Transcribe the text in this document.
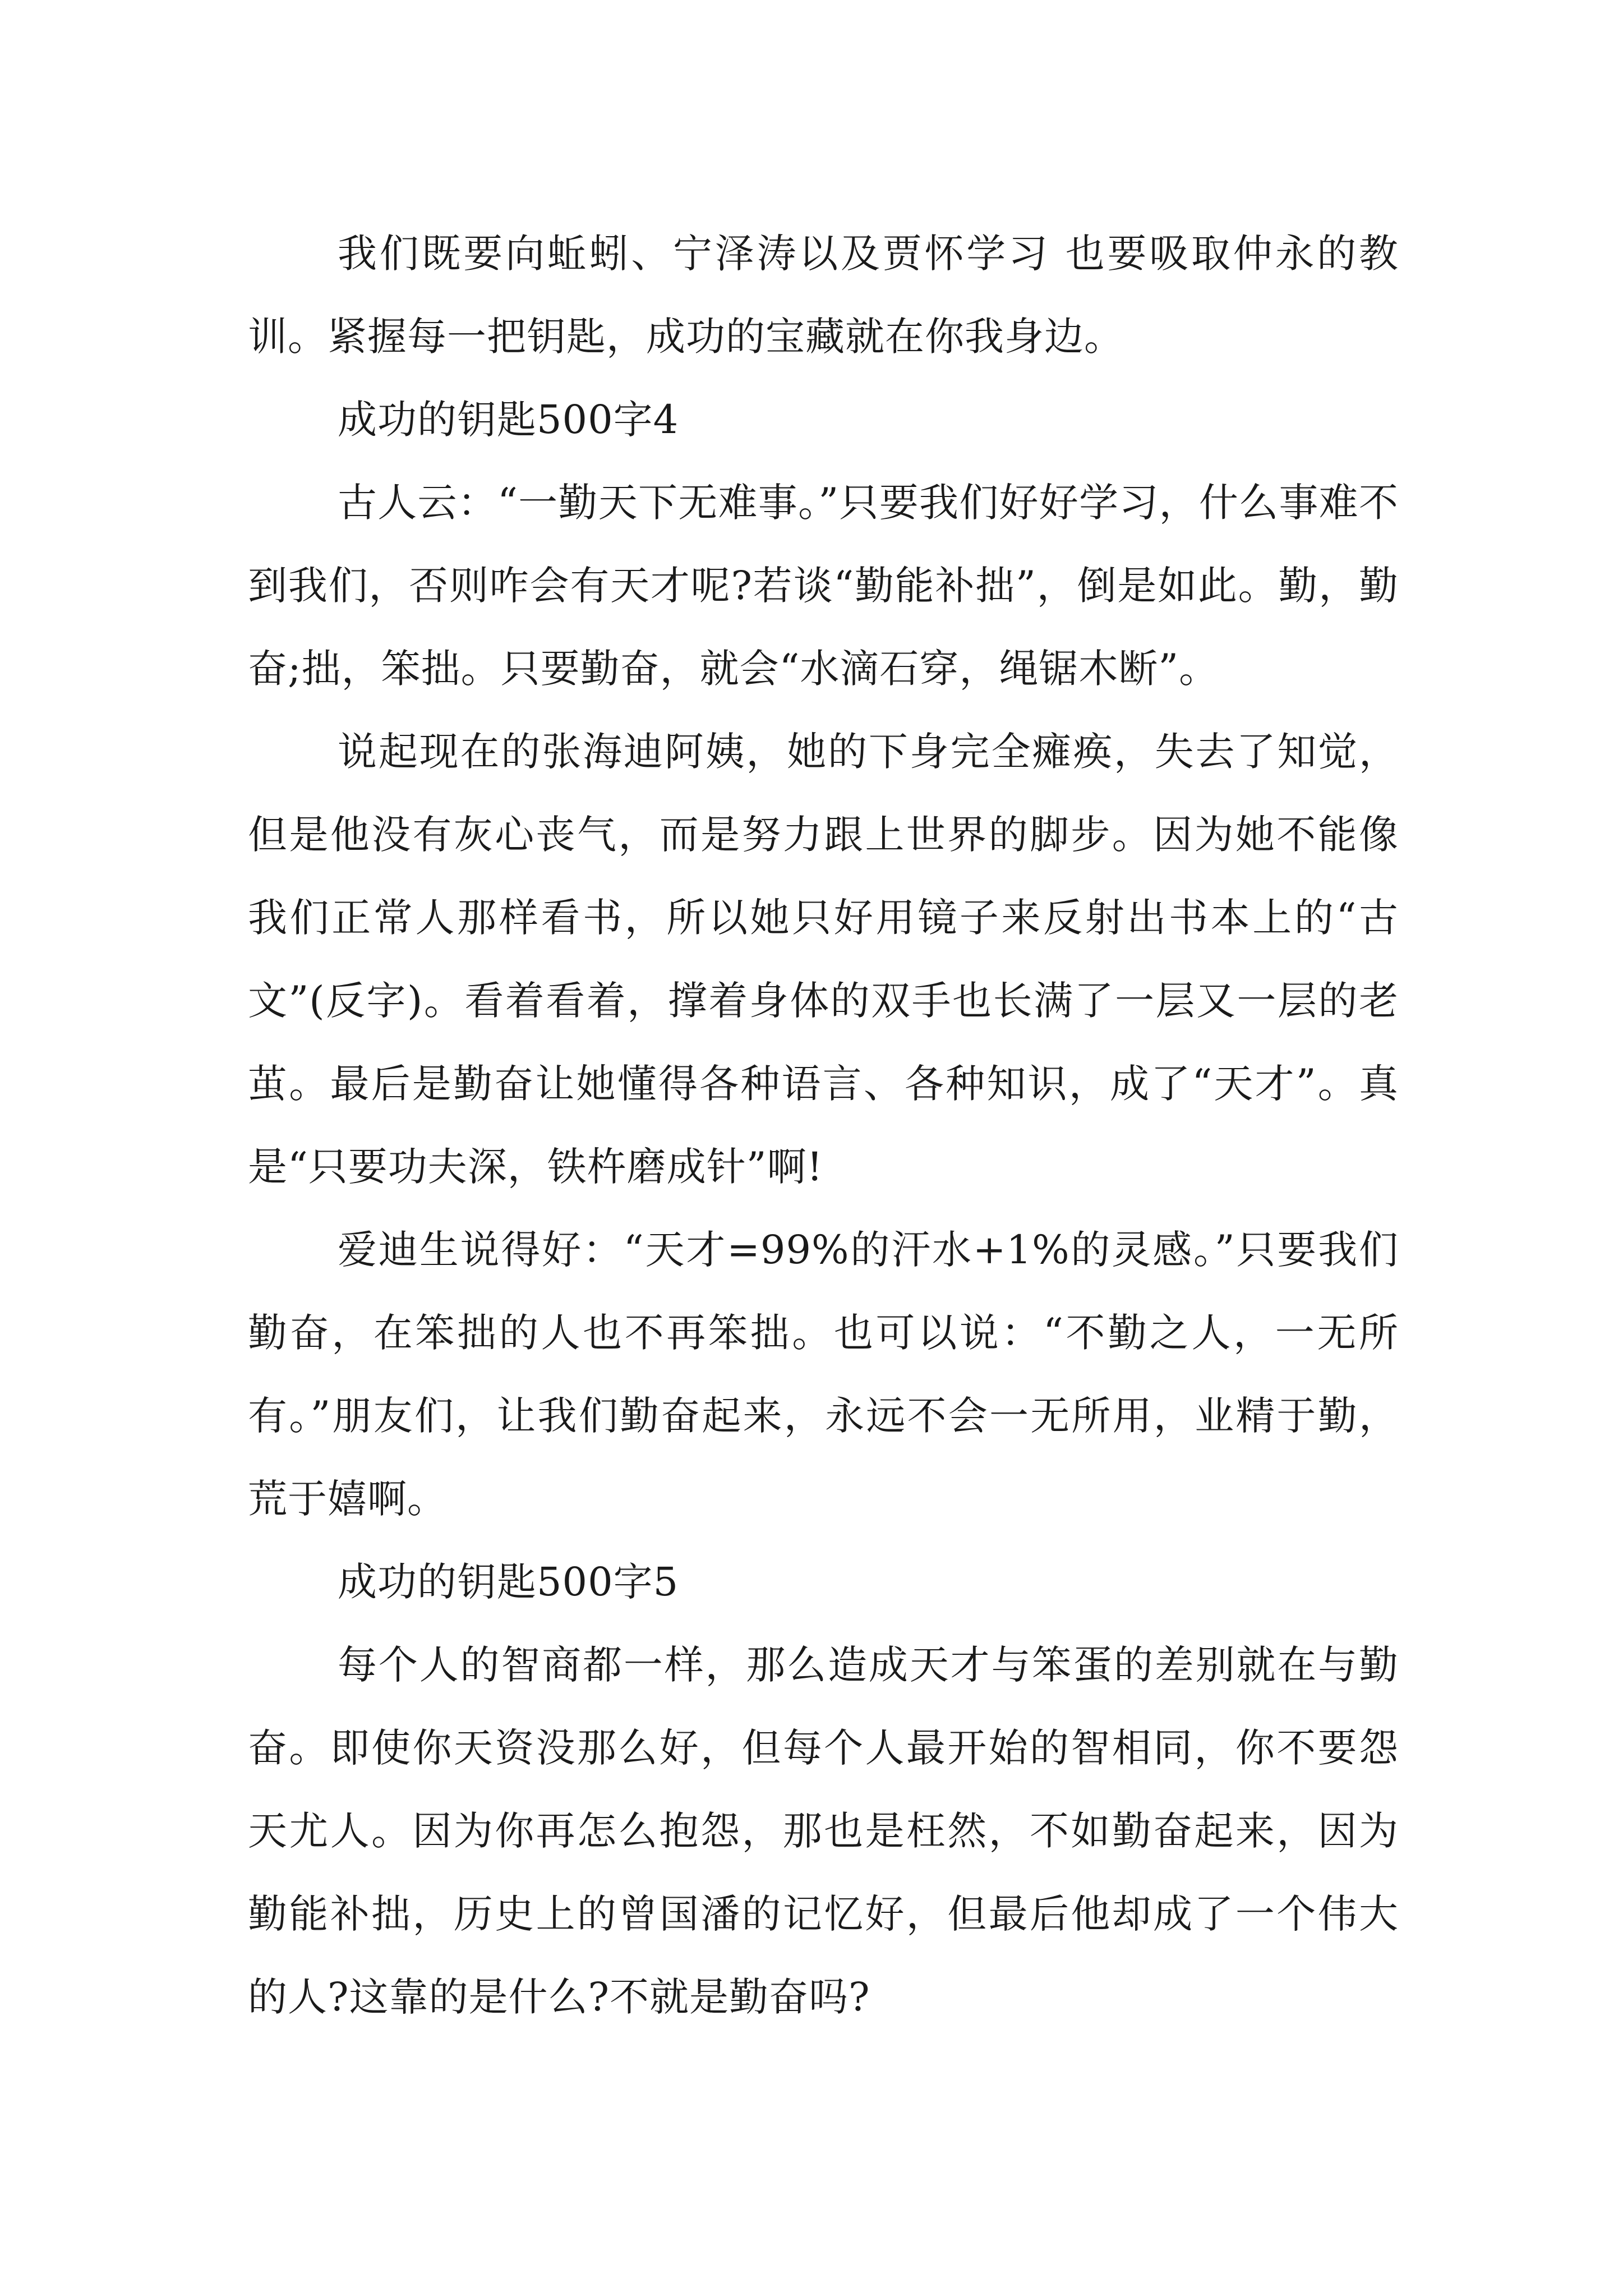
我们既要向蚯蚓、宁泽涛以及贾怀学习 也要吸取仲永的教训。紧握每一把钥匙，成功的宝藏就在你我身边。

成功的钥匙500字4

古人云：“一勤天下无难事。”只要我们好好学习，什么事难不到我们，否则咋会有天才呢?若谈“勤能补拙”，倒是如此。勤，勤奋;拙，笨拙。只要勤奋，就会“水滴石穿，绳锯木断”。

说起现在的张海迪阿姨，她的下身完全瘫痪，失去了知觉，但是他没有灰心丧气，而是努力跟上世界的脚步。因为她不能像我们正常人那样看书，所以她只好用镜子来反射出书本上的“古文”(反字)。看着看着，撑着身体的双手也长满了一层又一层的老茧。最后是勤奋让她懂得各种语言、各种知识，成了“天才”。真是“只要功夫深，铁杵磨成针”啊!

爱迪生说得好：“天才=99%的汗水+1%的灵感。”只要我们勤奋，在笨拙的人也不再笨拙。也可以说：“不勤之人，一无所有。”朋友们，让我们勤奋起来，永远不会一无所用，业精于勤，荒于嬉啊。

成功的钥匙500字5

每个人的智商都一样，那么造成天才与笨蛋的差别就在与勤奋。即使你天资没那么好，但每个人最开始的智相同，你不要怨天尤人。因为你再怎么抱怨，那也是枉然，不如勤奋起来，因为勤能补拙，历史上的曾国潘的记忆好，但最后他却成了一个伟大的人?这靠的是什么?不就是勤奋吗?
